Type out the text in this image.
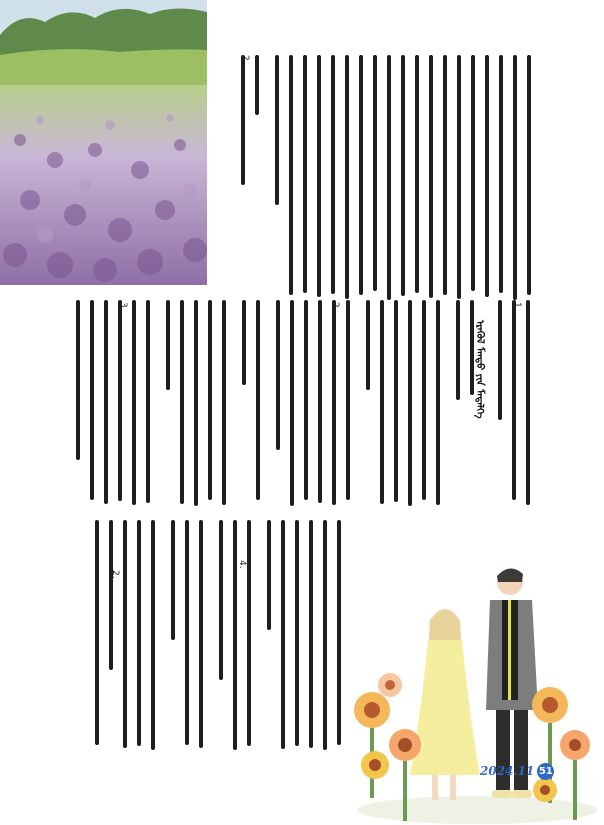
2.
ᠡᠷᠡᠭᠦᠯ ᠮᠡᠨᠳᠦ ᠶᠢᠨ ᠮᠡᠳᠡᠯᠭᠡ
1.
2.
3.
4.
2.
2024.11 51
